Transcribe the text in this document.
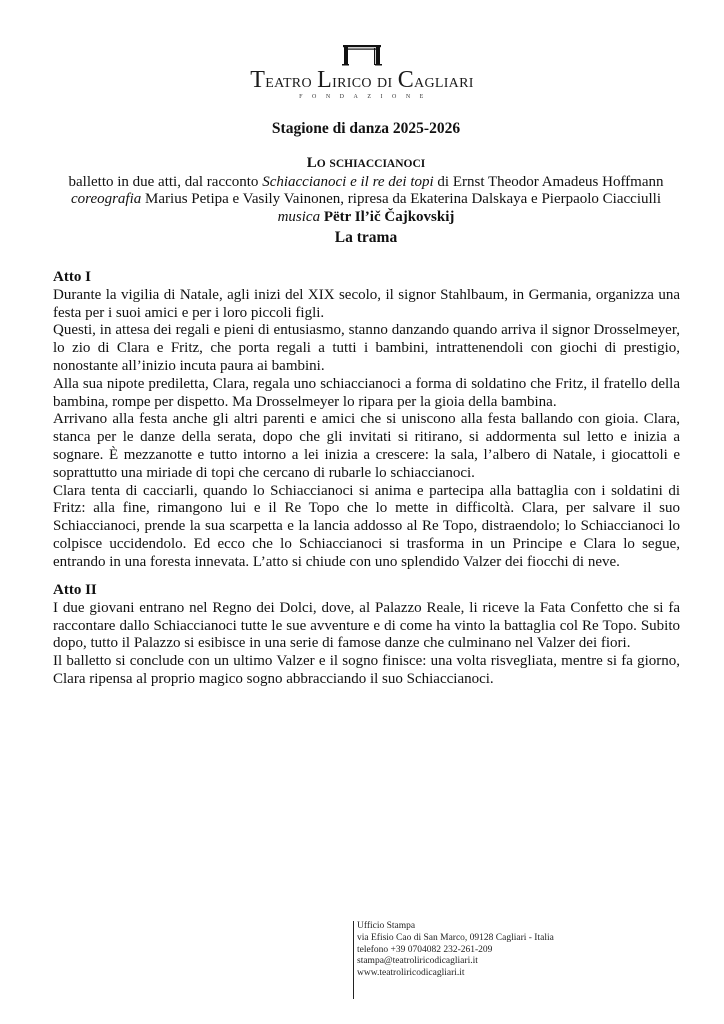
Teatro Lirico di Cagliari
FONDAZIONE
Stagione di danza 2025-2026
LO SCHIACCIANOCI
balletto in due atti, dal racconto Schiaccianoci e il re dei topi di Ernst Theodor Amadeus Hoffmann
coreografia Marius Petipa e Vasily Vainonen, ripresa da Ekaterina Dalskaya e Pierpaolo Ciacciulli
musica Pëtr Il’ič Čajkovskij
La trama
Atto I

Durante la vigilia di Natale, agli inizi del XIX secolo, il signor Stahlbaum, in Germania, organizza una festa per i suoi amici e per i loro piccoli figli.

Questi, in attesa dei regali e pieni di entusiasmo, stanno danzando quando arriva il signor Drosselmeyer, lo zio di Clara e Fritz, che porta regali a tutti i bambini, intrattenendoli con giochi di prestigio, nonostante all’inizio incuta paura ai bambini.

Alla sua nipote prediletta, Clara, regala uno schiaccianoci a forma di soldatino che Fritz, il fratello della bambina, rompe per dispetto. Ma Drosselmeyer lo ripara per la gioia della bambina.

Arrivano alla festa anche gli altri parenti e amici che si uniscono alla festa ballando con gioia. Clara, stanca per le danze della serata, dopo che gli invitati si ritirano, si addormenta sul letto e inizia a sognare. È mezzanotte e tutto intorno a lei inizia a crescere: la sala, l’albero di Natale, i giocattoli e soprattutto una miriade di topi che cercano di rubarle lo schiaccianoci.

Clara tenta di cacciarli, quando lo Schiaccianoci si anima e partecipa alla battaglia con i soldatini di Fritz: alla fine, rimangono lui e il Re Topo che lo mette in difficoltà. Clara, per salvare il suo Schiaccianoci, prende la sua scarpetta e la lancia addosso al Re Topo, distraendolo; lo Schiaccianoci lo colpisce uccidendolo. Ed ecco che lo Schiaccianoci si trasforma in un Principe e Clara lo segue, entrando in una foresta innevata. L’atto si chiude con uno splendido Valzer dei fiocchi di neve.

Atto II

I due giovani entrano nel Regno dei Dolci, dove, al Palazzo Reale, li riceve la Fata Confetto che si fa raccontare dallo Schiaccianoci tutte le sue avventure e di come ha vinto la battaglia col Re Topo. Subito dopo, tutto il Palazzo si esibisce in una serie di famose danze che culminano nel Valzer dei fiori.

Il balletto si conclude con un ultimo Valzer e il sogno finisce: una volta risvegliata, mentre si fa giorno, Clara ripensa al proprio magico sogno abbracciando il suo Schiaccianoci.

Ufficio Stampa
via Efisio Cao di San Marco, 09128 Cagliari - Italia
telefono +39 0704082 232-261-209
stampa@teatroliricodicagliari.it
www.teatroliricodicagliari.it
